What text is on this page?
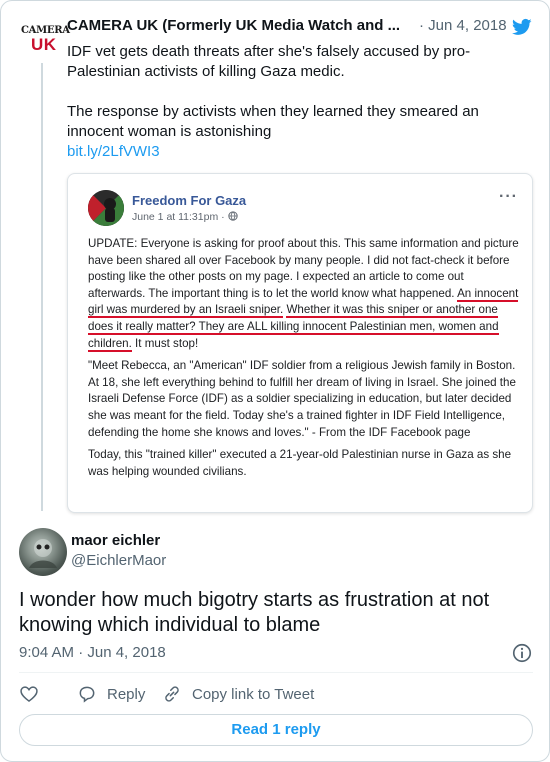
CAMERA
UK
CAMERA UK (Formerly UK Media Watch and ...	· Jun 4, 2018

IDF vet gets death threats after she's falsely accused by pro-Palestinian activists of killing Gaza medic.

The response by activists when they learned they smeared an innocent woman is astonishing

bit.ly/2LfVWI3

Freedom For Gaza
June 1 at 11:31pm ·
···

UPDATE: Everyone is asking for proof about this. This same information and picture have been shared all over Facebook by many people. I did not fact-check it before posting like the other posts on my page. I expected an article to come out afterwards. The important thing is to let the world know what happened. An innocent girl was murdered by an Israeli sniper. Whether it was this sniper or another one does it really matter? They are ALL killing innocent Palestinian men, women and children. It must stop!

"Meet Rebecca, an "American" IDF soldier from a religious Jewish family in Boston. At 18, she left everything behind to fulfill her dream of living in Israel. She joined the Israeli Defense Force (IDF) as a soldier specializing in education, but later decided she was meant for the field. Today she's a trained fighter in IDF Field Intelligence, defending the home she knows and loves." - From the IDF Facebook page

Today, this "trained killer" executed a 21-year-old Palestinian nurse in Gaza as she was helping wounded civilians.

maor eichler
@EichlerMaor
I wonder how much bigotry starts as frustration at not knowing which individual to blame
9:04 AM · Jun 4, 2018
Reply	Copy link to Tweet
Read 1 reply
